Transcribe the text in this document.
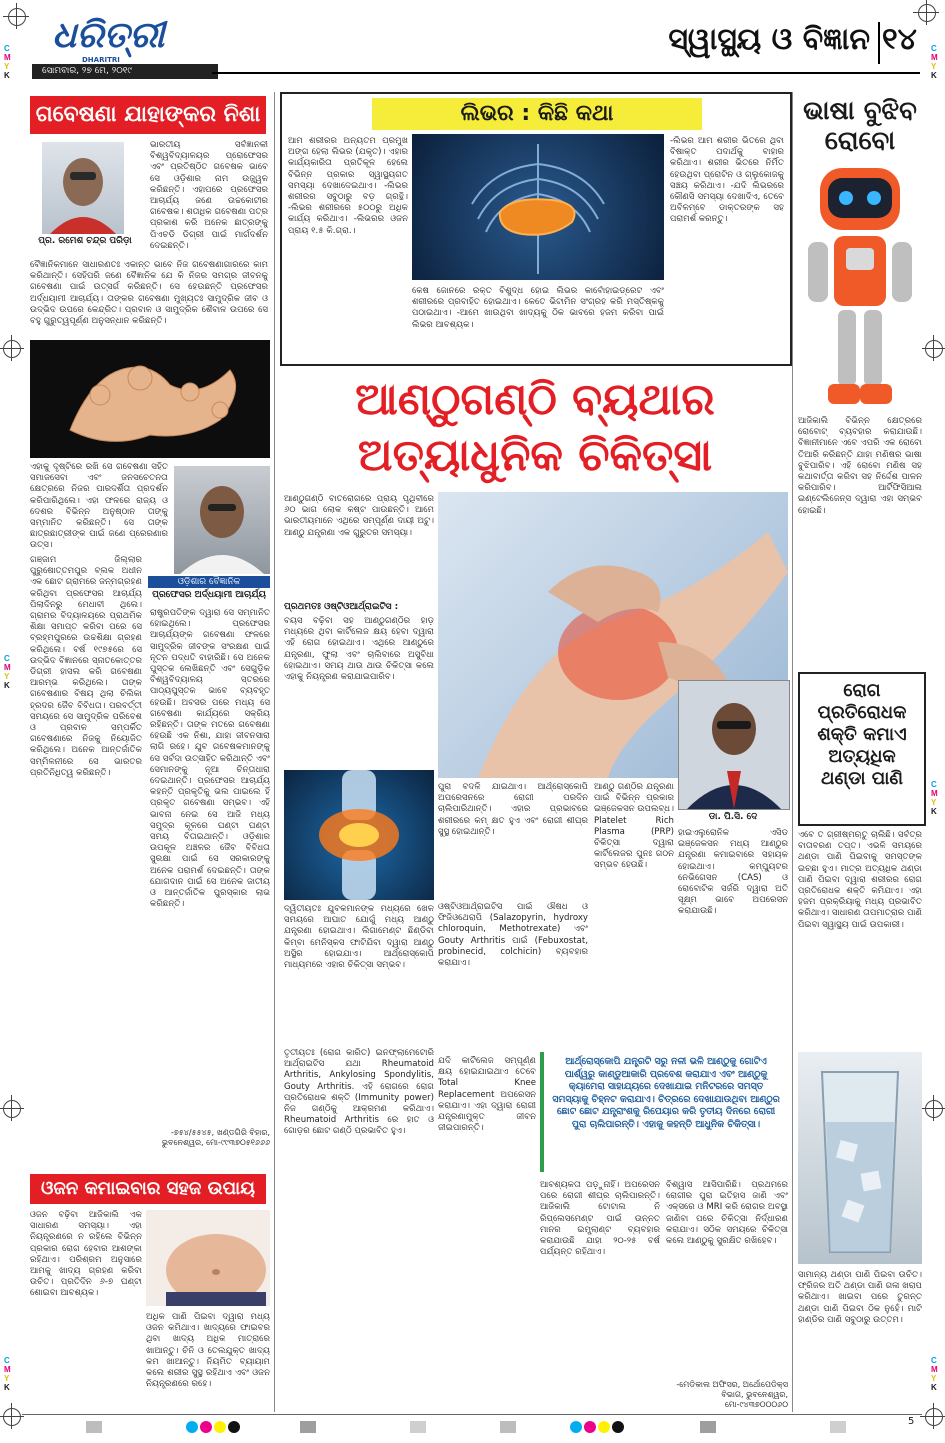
C
M
Y
K
C
M
Y
K
C
M
Y
K
C
M
Y
K
C
M
Y
K
C
M
Y
K
ଧରିତ୍ରୀ
DHARITRI
ସୋମବାର, ୨୭ ମେ, ୨୦୧୯
ସ୍ୱାସ୍ଥ୍ୟ ଓ ବିଜ୍ଞାନ ୧୪
ଗବେଷଣା ଯାହାଙ୍କର ନିଶା
ପ୍ର. ରମେଶ ଚନ୍ଦ୍ର ପରିଡ଼ା
ଭାରତୀୟ ସର୍ବଜ୍ଞାନକୀ ବିଶ୍ୱବିଦ୍ୟାଳୟର ପ୍ରୋଫେସର ଏବଂ ପ୍ରତିଷ୍ଠିତ ଗବେଷକ ଭାବେ ସେ ଓଡ଼ିଶାର ନାମ ଉଜ୍ଜ୍ୱଳ କରିଛନ୍ତି। ଏହାପରେ ପ୍ରଫେସର ଆଚାର୍ଯ୍ୟ ଜଣେ ଉଚ୍ଚକୋଟୀର ଗବେଷକ। ଶତାଧିକ ଗବେଷଣା ପତ୍ର ପ୍ରକାଶ କରି ଅନେକ ଛାତ୍ରଙ୍କୁ ପିଏଚଡି ଡିଗ୍ରୀ ପାଇଁ ମାର୍ଗଦର୍ଶନ ଦେଇଛନ୍ତି।
ବୈଜ୍ଞାନିକମାନେ ସାଧାରଣତଃ ଏକାନ୍ତ ଭାବେ ନିଜ ଗବେଷଣାଗାରରେ କାମ କରିଥାନ୍ତି। ସେହିପରି ଜଣେ ବୈଜ୍ଞାନିକ ଯେ କି ନିଜର ସମଗ୍ର ଜୀବନକୁ ଗବେଷଣା ପାଇଁ ଉତ୍ସର୍ଗ କରିଛନ୍ତି। ସେ ହେଉଛନ୍ତି ପ୍ରଫେସର ଅର୍ଦ୍ଧୟାମୀ ଆଚାର୍ଯ୍ୟ। ତାଙ୍କର ଗବେଷଣା ମୁଖ୍ୟତଃ ସାମୁଦ୍ରିକ ଜୀବ ଓ ଉଦ୍ଭିଦ ଉପରେ କେନ୍ଦ୍ରିତ। ପ୍ରବାଳ ଓ ସାମୁଦ୍ରିକ ଶୈବାଳ ଉପରେ ସେ ବହୁ ଗୁରୁତ୍ୱପୂର୍ଣ୍ଣ ଅନୁସନ୍ଧାନ କରିଛନ୍ତି।
ଏହାକୁ ଦୃଷ୍ଟିରେ ରଖି ସେ ଗବେଷଣା ସହିତ ସମାଜସେବା ଏବଂ ଜନସଚେତନତା କ୍ଷେତ୍ରରେ ନିଜର ପାରଦର୍ଶିତା ପ୍ରଦର୍ଶନ କରିପାରିଥିଲେ। ଏହା ଫଳରେ ରାଜ୍ୟ ଓ ଦେଶର ବିଭିନ୍ନ ଅନୁଷ୍ଠାନ ତାଙ୍କୁ ସମ୍ମାନିତ କରିଛନ୍ତି। ସେ ତାଙ୍କ ଛାତ୍ରଛାତ୍ରୀଙ୍କ ପାଇଁ ଜଣେ ପ୍ରେରଣାର ଉତ୍ସ।
ଓଡ଼ିଶାର ବୈଜ୍ଞାନିକ
ପ୍ରଫେସର ଅର୍ଦ୍ଧୟାମୀ ଆଚାର୍ଯ୍ୟ
ଗଞ୍ଜାମ ଜିଲ୍ଲାର ପୁରୁଷୋତ୍ତମପୁର ବ୍ଲକ ଅଧୀନ ଏକ ଛୋଟ ଗ୍ରାମରେ ଜନ୍ମଗ୍ରହଣ କରିଥିବା ପ୍ରଫେସର ଆଚାର୍ଯ୍ୟ ପିଲାଦିନରୁ ମେଧାବୀ ଥିଲେ। ଗ୍ରାମର ବିଦ୍ୟାଳୟରେ ପ୍ରାଥମିକ ଶିକ୍ଷା ସମାପ୍ତ କରିବା ପରେ ସେ ବ୍ରହ୍ମପୁରରେ ଉଚ୍ଚଶିକ୍ଷା ଗ୍ରହଣ କରିଥିଲେ। ବର୍ଷ ୧୯୭୫ରେ ସେ ଉଦ୍ଭିଦ ବିଜ୍ଞାନରେ ସ୍ନାତକୋତ୍ତର ଡିଗ୍ରୀ ହାସଲ କରି ଗବେଷଣା ଆରମ୍ଭ କରିଥିଲେ। ତାଙ୍କ ଗବେଷଣାର ବିଷୟ ଥିଲା ଚିଲିକା ହ୍ରଦର ଜୈବ ବିବିଧତା। ପରବର୍ତ୍ତୀ ସମୟରେ ସେ ସାମୁଦ୍ରିକ ପରିବେଶ ଓ ପ୍ରବାଳ ସମ୍ପର୍କିତ ଗବେଷଣାରେ ନିଜକୁ ନିୟୋଜିତ କରିଥିଲେ। ଅନେକ ଆନ୍ତର୍ଜାତିକ ସମ୍ମିଳନୀରେ ସେ ଭାରତର ପ୍ରତିନିଧିତ୍ୱ କରିଛନ୍ତି।
ରାଷ୍ଟ୍ରପତିଙ୍କ ଦ୍ୱାରା ସେ ସମ୍ମାନିତ ହୋଇଥିଲେ। ପ୍ରଫେସର ଆଚାର୍ଯ୍ୟଙ୍କ ଗବେଷଣା ଫଳରେ ସାମୁଦ୍ରିକ ଜୀବଙ୍କ ସଂରକ୍ଷଣ ପାଇଁ ନୂତନ ପଦ୍ଧତି ବାହାରିଛି। ସେ ଅନେକ ପୁସ୍ତକ ଲେଖିଛନ୍ତି ଏବଂ ସେଗୁଡ଼ିକ ବିଶ୍ୱବିଦ୍ୟାଳୟ ସ୍ତରରେ ପାଠ୍ୟପୁସ୍ତକ ଭାବେ ବ୍ୟବହୃତ ହେଉଛି। ଅବସର ପରେ ମଧ୍ୟ ସେ ଗବେଷଣା କାର୍ଯ୍ୟରେ ସକ୍ରିୟ ରହିଛନ୍ତି। ତାଙ୍କ ମତରେ ଗବେଷଣା ହେଉଛି ଏକ ନିଶା, ଯାହା ଜୀବନସାରା ଲାଗି ରହେ। ଯୁବ ଗବେଷକମାନଙ୍କୁ ସେ ସର୍ବଦା ଉତ୍ସାହିତ କରିଥାନ୍ତି ଏବଂ ସେମାନଙ୍କୁ ନୂଆ ଚିନ୍ତାଧାରା ଦେଇଥାନ୍ତି। ପ୍ରଫେସର ଆଚାର୍ଯ୍ୟ କହନ୍ତି ପ୍ରକୃତିକୁ ଭଲ ପାଇଲେ ହିଁ ପ୍ରକୃତ ଗବେଷଣା ସମ୍ଭବ। ଏହି ଭାବନା ନେଇ ସେ ଆଜି ମଧ୍ୟ ସମୁଦ୍ର କୂଳରେ ଘଣ୍ଟା ଘଣ୍ଟା ସମୟ ବିତାଇଥାନ୍ତି। ଓଡ଼ିଶାର ଉପକୂଳ ଅଞ୍ଚଳର ଜୈବ ବିବିଧତା ସୁରକ୍ଷା ପାଇଁ ସେ ସରକାରଙ୍କୁ ଅନେକ ପରାମର୍ଶ ଦେଇଛନ୍ତି। ତାଙ୍କ ଯୋଗଦାନ ପାଇଁ ସେ ଅନେକ ଜାତୀୟ ଓ ଆନ୍ତର୍ଜାତିକ ପୁରସ୍କାର ଲାଭ କରିଛନ୍ତି।
-୭୫୪/୫୫୪୫, ଖଣ୍ଡଗିରି ବିହାର, ଭୁବନେଶ୍ୱର, ମୋ-୯୯୩୭୦୫୧୬୬୬
ଓଜନ କମାଇବାର ସହଜ ଉପାୟ
ଓଜନ ବଢ଼ିବା ଆଜିକାଲି ଏକ ସାଧାରଣ ସମସ୍ୟା। ଏହା ନିୟନ୍ତ୍ରଣରେ ନ ରହିଲେ ବିଭିନ୍ନ ପ୍ରକାର ରୋଗ ହେବାର ଆଶଙ୍କା ରହିଥାଏ। ପରିଶ୍ରମ ଅନୁସାରେ ଆମକୁ ଖାଦ୍ୟ ଗ୍ରହଣ କରିବା ଉଚିତ। ପ୍ରତିଦିନ ୬-୭ ଘଣ୍ଟା ଶୋଇବା ଆବଶ୍ୟକ।
ଅଧିକ ପାଣି ପିଇବା ଦ୍ୱାରା ମଧ୍ୟ ଓଜନ କମିଥାଏ। ଖାଦ୍ୟରେ ଫାଇବର ଥିବା ଖାଦ୍ୟ ଅଧିକ ମାତ୍ରାରେ ଖାଆନ୍ତୁ। ଚିନି ଓ ତେଲଯୁକ୍ତ ଖାଦ୍ୟ କମ ଖାଆନ୍ତୁ। ନିୟମିତ ବ୍ୟାୟାମ କଲେ ଶରୀର ସୁସ୍ଥ ରହିଥାଏ ଏବଂ ଓଜନ ନିୟନ୍ତ୍ରଣରେ ରହେ।
ଲିଭର : କିଛି କଥା
ଆମ ଶରୀରର ଅନ୍ୟତମ ପ୍ରମୁଖ ଅଙ୍ଗ ହେଲା ଲିଭର (ଯକୃତ)। ଏହାର କାର୍ଯ୍ୟକାରିତା ପ୍ରତିକୂଳ ହେଲେ ବିଭିନ୍ନ ପ୍ରକାର ସ୍ୱାସ୍ଥ୍ୟଗତ ସମସ୍ୟା ଦେଖାଦେଇଥାଏ। -ଲିଭର ଶରୀରର ସବୁଠାରୁ ବଡ଼ ଗ୍ରନ୍ଥି। -ଲିଭର ଶରୀରରେ ୫୦୦ରୁ ଅଧିକ କାର୍ଯ୍ୟ କରିଥାଏ। -ଲିଭରର ଓଜନ ପ୍ରାୟ ୧.୫ କି.ଗ୍ରା.।
-ଲିଭର ଆମ ଶରୀର ଭିତରେ ଥିବା ବିଷାକ୍ତ ପଦାର୍ଥକୁ ବାହାର କରିଥାଏ। ଶରୀର ଭିତରେ ନିର୍ମିତ ହେଉଥିବା ପ୍ରୋଟିନ ଓ ଗ୍ଲୁକୋଜକୁ ସଞ୍ଚୟ କରିଥାଏ। -ଯଦି ଲିଭରରେ କୌଣସି ସମସ୍ୟା ଦେଖାଦିଏ, ତେବେ ଅବିଳମ୍ବେ ଡାକ୍ତରଙ୍କ ସହ ପରାମର୍ଶ କରନ୍ତୁ।
କେଷ ଜୋନରେ ରକ୍ତ ବିଶୁଦ୍ଧ ହୋଇ ଲିଭର କାର୍ବୋହାଇଡ୍ରେଟ ଏବଂ ଶରୀରରେ ପ୍ରବାହିତ ହୋଇଥାଏ। କେତେ ଭିଟାମିନ ସଂଗ୍ରହ କରି ମସ୍ତିଷ୍କକୁ ପଠାଇଥାଏ। -ଆମେ ଖାଉଥିବା ଖାଦ୍ୟକୁ ଠିକ ଭାବରେ ହଜମ କରିବା ପାଇଁ ଲିଭର ଆବଶ୍ୟକ।
ଆଣ୍ଠୁଗଣ୍ଠି ବ୍ୟଥାର
ଅତ୍ୟାଧୁନିକ ଚିକିତ୍ସା
ଆଣ୍ଠୁଗଣ୍ଠି ବାତରୋଗରେ ପ୍ରାୟ ପୃଥିବୀରେ ୬୦ ଭାଗ ଲୋକ କଷ୍ଟ ପାଉଛନ୍ତି। ଆମେ ଭାରତୀୟମାନେ ଏଥିରେ ସମ୍ପୂର୍ଣ୍ଣ ଦାୟୀ ଅଟୁ। ଆଣ୍ଠୁ ଯନ୍ତ୍ରଣା ଏକ ଗୁରୁତର ସମସ୍ୟା।
ପ୍ରଥମତଃ ଓଷ୍ଟିଓଆର୍ଥ୍ରାଇଟିସ :
ବୟସ ବଢ଼ିବା ସହ ଆଣ୍ଠୁଗଣ୍ଠିର ହାଡ଼ ମଧ୍ୟରେ ଥିବା କାର୍ଟିଲେଜ କ୍ଷୟ ହେବା ଦ୍ୱାରା ଏହି ରୋଗ ହୋଇଥାଏ। ଏଥିରେ ଆଣ୍ଠୁରେ ଯନ୍ତ୍ରଣା, ଫୁଲା ଏବଂ ଚାଲିବାରେ ଅସୁବିଧା ହୋଇଥାଏ। ସମୟ ଥାଉ ଥାଉ ଚିକିତ୍ସା କଲେ ଏହାକୁ ନିୟନ୍ତ୍ରଣ କରାଯାଇପାରିବ।
ଦ୍ୱିତୀୟତଃ ଯୁବକମାନଙ୍କ ମଧ୍ୟରେ ଖେଳ ସମୟରେ ଆଘାତ ଯୋଗୁଁ ମଧ୍ୟ ଆଣ୍ଠୁ ଯନ୍ତ୍ରଣା ହୋଇଥାଏ। ଲିଗାମେଣ୍ଟ ଛିଣ୍ଡିବା କିମ୍ବା ମେନିସ୍କସ ଫାଟିଯିବା ଦ୍ୱାରା ଆଣ୍ଠୁ ଅସ୍ଥିର ହୋଇଯାଏ। ଆର୍ଥ୍ରୋସ୍କୋପି ମାଧ୍ୟମରେ ଏହାର ଚିକିତ୍ସା ସମ୍ଭବ।
ତୃତୀୟତଃ (ରୋଗ କାରିତ) ଇନଫ୍ଲାମେଟୋରି ଆର୍ଥ୍ରାଇଟିସ ଯଥା Rheumatoid Arthritis, Ankylosing Spondylitis, Gouty Arthritis. ଏହି ରୋଗରେ ରୋଗ ପ୍ରତିରୋଧକ ଶକ୍ତି (Immunity power) ନିଜ ଗଣ୍ଠିକୁ ଆକ୍ରମଣ କରିଥାଏ। Rheumatoid Arthritis ରେ ହାତ ଓ ଗୋଡ଼ର ଛୋଟ ଗଣ୍ଠି ପ୍ରଭାବିତ ହୁଏ।
ପୁରା ବଦଳି ଯାଇଥାଏ। ଆର୍ଥ୍ରୋସ୍କୋପି ଅପରେସନରେ ରୋଗୀ ପରଦିନ ଚାଲିପାରିଥାନ୍ତି। ଏହାର ପ୍ରଭାବରେ ଶରୀରରେ କମ୍ କ୍ଷତ ହୁଏ ଏବଂ ରୋଗୀ ଶୀଘ୍ର ସୁସ୍ଥ ହୋଇଥାନ୍ତି।
ଓଷ୍ଟିଓଆର୍ଥ୍ରାଇଟିସ ପାଇଁ ଔଷଧ ଓ ଫିଜିଓଥେରାପି (Salazopyrin, hydroxy chloroquin, Methotrexate) ଏବଂ Gouty Arthritis ପାଇଁ (Febuxostat, probinecid, colchicin) ବ୍ୟବହାର କରାଯାଏ।
ଯଦି କାର୍ଟିଲେଜ ସମ୍ପୂର୍ଣ୍ଣ କ୍ଷୟ ହୋଇଯାଇଥାଏ ତେବେ Total Knee Replacement ଅପରେସନ କରାଯାଏ। ଏହା ଦ୍ୱାରା ରୋଗୀ ଯନ୍ତ୍ରଣାମୁକ୍ତ ଜୀବନ ଜୀଇପାରନ୍ତି।
ଆଣ୍ଠୁ ଗଣ୍ଠିର ଯନ୍ତ୍ରଣା ପାଇଁ ବିଭିନ୍ନ ପ୍ରକାର ଇଞ୍ଜେକସନ ଉପଲବ୍ଧ। Platelet Rich Plasma (PRP) ଚିକିତ୍ସା ଦ୍ୱାରା କାର୍ଟିଲେଜର ପୁନଃ ଗଠନ ସମ୍ଭବ ହେଉଛି।
ଡା. ପି.ସି. ଦେ
ହାଇଏଲୁରୋନିକ ଏସିଡ ଇଞ୍ଜେକସନ ମଧ୍ୟ ଆଣ୍ଠୁର ଯନ୍ତ୍ରଣା କମାଇବାରେ ସହାୟକ ହୋଇଥାଏ। କମ୍ପ୍ୟୁଟର ନେଭିଗେସନ (CAS) ଓ ରୋବୋଟିକ ସର୍ଜରି ଦ୍ୱାରା ଅତି ସୂକ୍ଷ୍ମ ଭାବେ ଅପରେସନ କରାଯାଉଛି।
ଆର୍ଥ୍ରୋସ୍କୋପି ଯନ୍ତ୍ରଟି ସରୁ ନଳୀ ଭଳି ଆଣ୍ଠୁକୁ ଗୋଟିଏ ପାର୍ଶ୍ୱରୁ କାଣ୍ଡୁଆକାରି ପ୍ରବେଶ କରାଯାଏ ଏବଂ ଆଣ୍ଠୁକୁ କ୍ୟାମେରା ସାହାଯ୍ୟରେ ଦେଖାଯାଇ ମନିଟରରେ ସମସ୍ତ ସମସ୍ୟାକୁ ଚିହ୍ନଟ କରାଯାଏ। ଚିତ୍ରରେ ଦେଖାଯାଉଥିବା ଆଣ୍ଠୁର ଛୋଟ ଛୋଟ ଯନ୍ତ୍ରାଂଶକୁ ରିପେୟାର କରି ତୃତୀୟ ଦିନରେ ରୋଗୀ ପୁରା ଚାଲିପାରନ୍ତି। ଏହାକୁ କହନ୍ତି ଆଧୁନିକ ଚିକିତ୍ସା।
ଆବଶ୍ୟକତା ପଡ଼ୁନାହିଁ। ଅପରେସନ ପରେ ରୋଗୀ ଶୀଘ୍ର ଚାଲିପାରନ୍ତି। ଆଜିକାଲି ଟୋଟାଲ ନି ରିପ୍ଲେସମେଣ୍ଟ ପାଇଁ ଉନ୍ନତ ମାନର ଇମ୍ପ୍ଲାଣ୍ଟ ବ୍ୟବହାର କରାଯାଉଛି ଯାହା ୨୦-୨୫ ବର୍ଷ ପର୍ଯ୍ୟନ୍ତ ରହିଥାଏ।
ବିଶ୍ୱାସ ଆସିପାରିଛି। ପ୍ରଥମରେ ରୋଗୀର ପୁରା ଇତିହାସ ଜାଣି ଏବଂ ଏକ୍ସରେ ଓ MRI କରି ରୋଗର ଅବସ୍ଥା ଜାଣିବା ପରେ ଚିକିତ୍ସା ନିର୍ଦ୍ଧାରଣ କରାଯାଏ। ସଠିକ ସମୟରେ ଚିକିତ୍ସା କଲେ ଆଣ୍ଠୁକୁ ସୁରକ୍ଷିତ ରଖିହେବ।
-ମେଡିକାଲ ଅଫିସର, ଅର୍ଥୋପେଡିକ୍ସ ବିଭାଗ, ଭୁବନେଶ୍ୱର, ମୋ-୯୪୩୭୦୦୦୬୦
ଭାଷା ବୁଝିବ
ରୋବୋ
ଆଜିକାଲି ବିଭିନ୍ନ କ୍ଷେତ୍ରରେ ରୋବୋଟ୍ ବ୍ୟବହାର କରାଯାଉଛି। ବିଜ୍ଞାନୀମାନେ ଏବେ ଏପରି ଏକ ରୋବୋ ତିଆରି କରିଛନ୍ତି ଯାହା ମଣିଷର ଭାଷା ବୁଝିପାରିବ। ଏହି ରୋବୋ ମଣିଷ ସହ କଥାବାର୍ତ୍ତା କରିବା ସହ ନିର୍ଦ୍ଦେଶ ପାଳନ କରିପାରିବ। ଆର୍ଟିଫିସିଆଲ ଇଣ୍ଟେଲିଜେନ୍ସ ଦ୍ୱାରା ଏହା ସମ୍ଭବ ହୋଇଛି।
ରୋଗ
ପ୍ରତିରୋଧକ
ଶକ୍ତି କମାଏ
ଅତ୍ୟଧିକ
ଥଣ୍ଡା ପାଣି
ଏବେ ତ ଗ୍ରୀଷ୍ମଋତୁ ଚାଲିଛି। ସର୍ବତ୍ର ବାତାବରଣ ତପ୍ତ। ଏଭଳି ସମୟରେ ଥଣ୍ଡା ପାଣି ପିଇବାକୁ ସମସ୍ତଙ୍କ ଇଚ୍ଛା ହୁଏ। ମାତ୍ର ଅତ୍ୟଧିକ ଥଣ୍ଡା ପାଣି ପିଇବା ଦ୍ୱାରା ଶରୀରର ରୋଗ ପ୍ରତିରୋଧକ ଶକ୍ତି କମିଯାଏ। ଏହା ହଜମ ପ୍ରକ୍ରିୟାକୁ ମଧ୍ୟ ପ୍ରଭାବିତ କରିଥାଏ। ସାଧାରଣ ତାପମାତ୍ରାର ପାଣି ପିଇବା ସ୍ୱାସ୍ଥ୍ୟ ପାଇଁ ଉପକାରୀ।
ସାମାନ୍ୟ ଥଣ୍ଡା ପାଣି ପିଇବା ଉଚିତ। ଫ୍ରିଜର ଅତି ଥଣ୍ଡା ପାଣି ଗଳା ଖରାପ କରିଥାଏ। ଖାଇବା ପରେ ତୁରନ୍ତ ଥଣ୍ଡା ପାଣି ପିଇବା ଠିକ ନୁହେଁ। ମାଟି ହାଣ୍ଡିର ପାଣି ସବୁଠାରୁ ଉତ୍ତମ।
5
